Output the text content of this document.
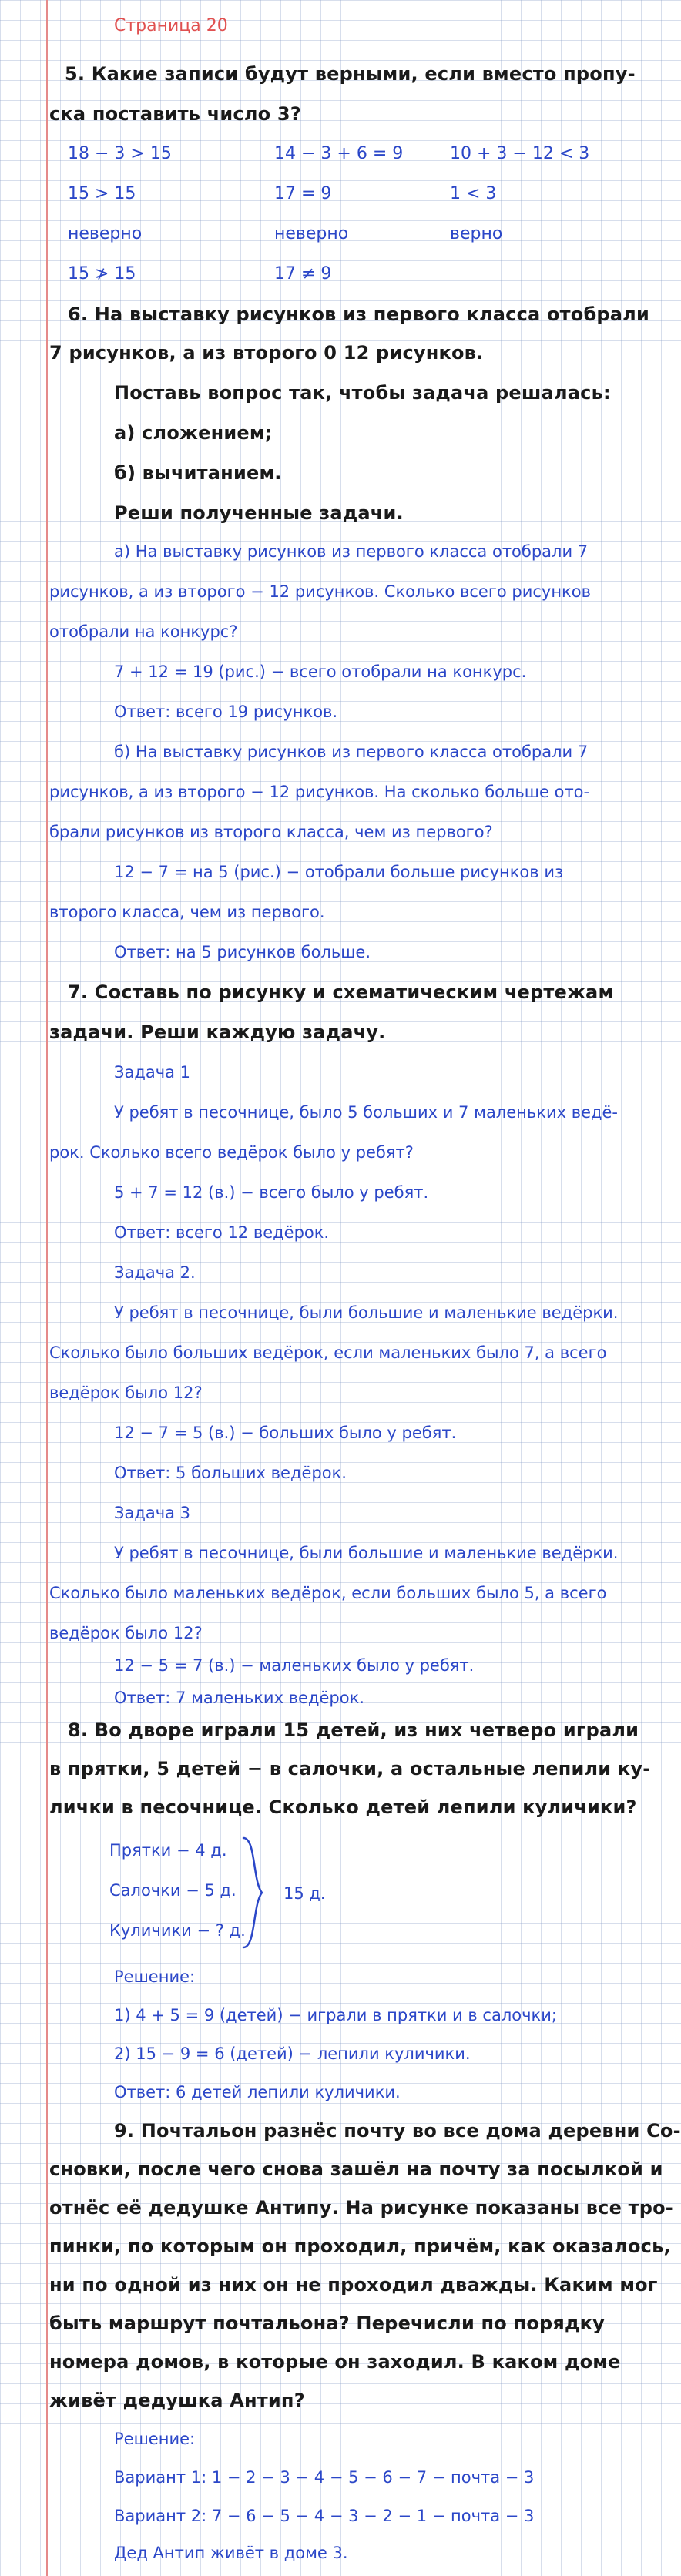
Страница 20
5. Какие записи будут верными, если вместо пропу-
ска поставить число 3?
18 − 3 > 15	14 − 3 + 6 = 9	10 + 3 − 12 < 3
15 > 15	17 = 9	1 < 3
неверно	неверно	верно
15 ≯ 15	17 ≠ 9
6. На выставку рисунков из первого класса отобрали
7 рисунков, а из второго 0 12 рисунков.
Поставь вопрос так, чтобы задача решалась:
а) сложением;
б) вычитанием.
Реши полученные задачи.
а) На выставку рисунков из первого класса отобрали 7
рисунков, а из второго − 12 рисунков. Сколько всего рисунков
отобрали на конкурс?
7 + 12 = 19 (рис.) − всего отобрали на конкурс.
Ответ: всего 19 рисунков.
б) На выставку рисунков из первого класса отобрали 7
рисунков, а из второго − 12 рисунков. На сколько больше ото-
брали рисунков из второго класса, чем из первого?
12 − 7 = на 5 (рис.) − отобрали больше рисунков из
второго класса, чем из первого.
Ответ: на 5 рисунков больше.
7. Составь по рисунку и схематическим чертежам
задачи. Реши каждую задачу.
Задача 1
У ребят в песочнице, было 5 больших и 7 маленьких ведё-
рок. Сколько всего ведёрок было у ребят?
5 + 7 = 12 (в.) − всего было у ребят.
Ответ: всего 12 ведёрок.
Задача 2.
У ребят в песочнице, были большие и маленькие ведёрки.
Сколько было больших ведёрок, если маленьких было 7, а всего
ведёрок было 12?
12 − 7 = 5 (в.) − больших было у ребят.
Ответ: 5 больших ведёрок.
Задача 3
У ребят в песочнице, были большие и маленькие ведёрки.
Сколько было маленьких ведёрок, если больших было 5, а всего
ведёрок было 12?
12 − 5 = 7 (в.) − маленьких было у ребят.
Ответ: 7 маленьких ведёрок.
8. Во дворе играли 15 детей, из них четверо играли
в прятки, 5 детей − в салочки, а остальные лепили ку-
лички в песочнице. Сколько детей лепили куличики?
Прятки − 4 д.
Салочки − 5 д.
Куличики − ? д.
15 д.
Решение:
1) 4 + 5 = 9 (детей) − играли в прятки и в салочки;
2) 15 − 9 = 6 (детей) − лепили куличики.
Ответ: 6 детей лепили куличики.
9. Почтальон разнёс почту во все дома деревни Со-
сновки, после чего снова зашёл на почту за посылкой и
отнёс её дедушке Антипу. На рисунке показаны все тро-
пинки, по которым он проходил, причём, как оказалось,
ни по одной из них он не проходил дважды. Каким мог
быть маршрут почтальона? Перечисли по порядку
номера домов, в которые он заходил. В каком доме
живёт дедушка Антип?
Решение:
Вариант 1: 1 − 2 − 3 − 4 − 5 − 6 − 7 − почта − 3
Вариант 2: 7 − 6 − 5 − 4 − 3 − 2 − 1 − почта − 3
Дед Антип живёт в доме 3.
